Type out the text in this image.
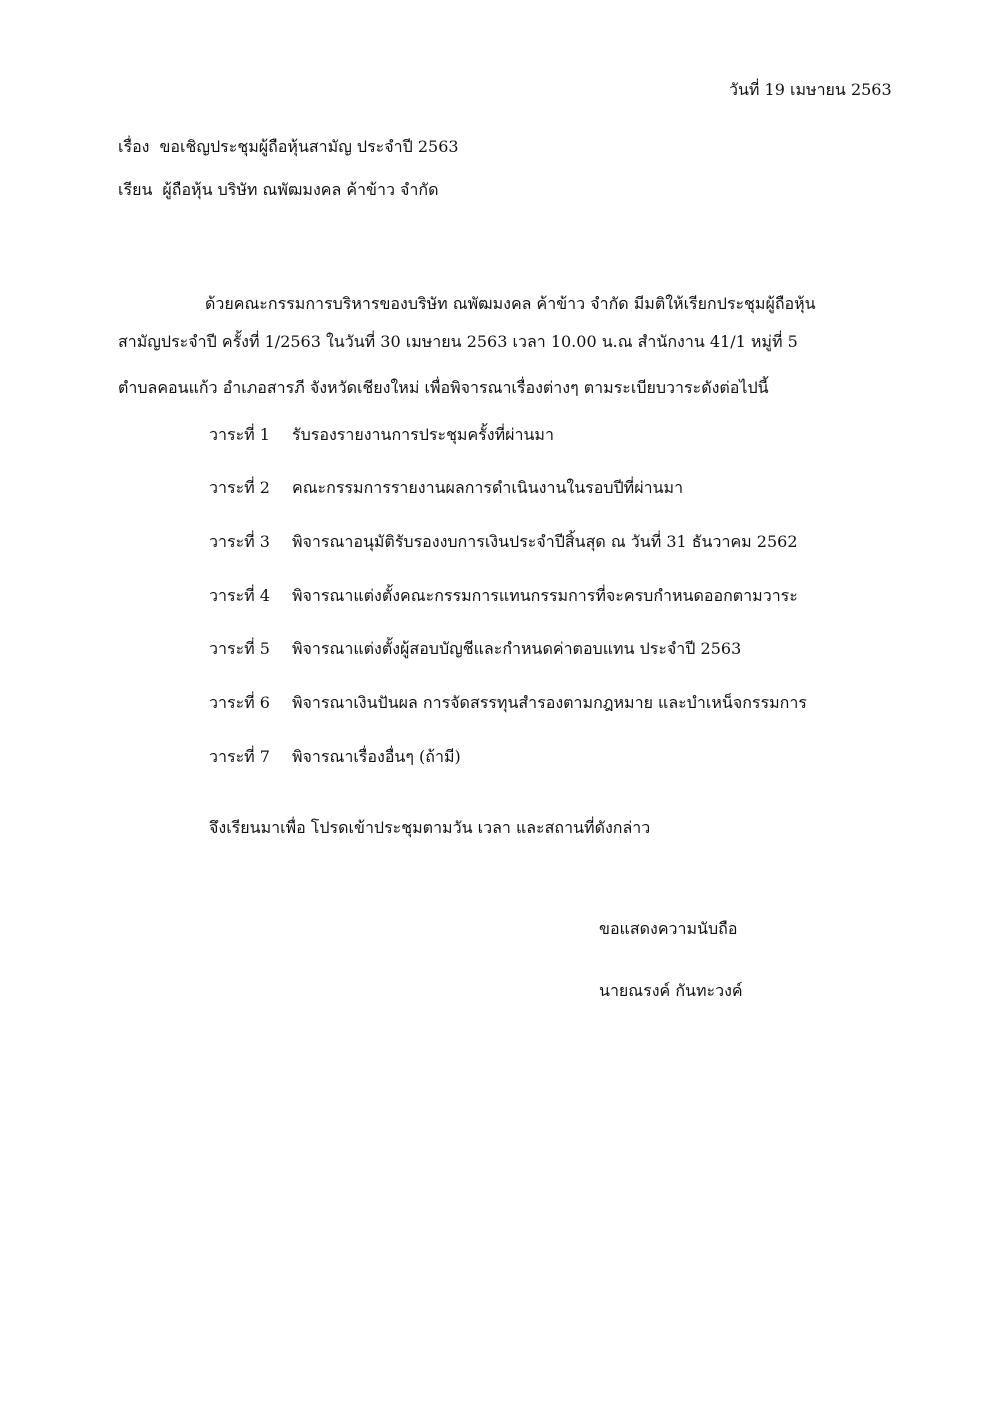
วันที่ 19 เมษายน 2563
เรื่อง ขอเชิญประชุมผู้ถือหุ้นสามัญ ประจำปี 2563
เรียน ผู้ถือหุ้น บริษัท ณพัฒมงคล ค้าข้าว จำกัด
ด้วยคณะกรรมการบริหารของบริษัท ณพัฒมงคล ค้าข้าว จำกัด มีมติให้เรียกประชุมผู้ถือหุ้น
สามัญประจำปี ครั้งที่ 1/2563 ในวันที่ 30 เมษายน 2563 เวลา 10.00 น.ณ สำนักงาน 41/1 หมู่ที่ 5
ตำบลคอนแก้ว อำเภอสารภี จังหวัดเชียงใหม่ เพื่อพิจารณาเรื่องต่างๆ ตามระเบียบวาระดังต่อไปนี้
วาระที่ 1 รับรองรายงานการประชุมครั้งที่ผ่านมา
วาระที่ 2 คณะกรรมการรายงานผลการดำเนินงานในรอบปีที่ผ่านมา
วาระที่ 3 พิจารณาอนุมัติรับรองงบการเงินประจำปีสิ้นสุด ณ วันที่ 31 ธันวาคม 2562
วาระที่ 4 พิจารณาแต่งตั้งคณะกรรมการแทนกรรมการที่จะครบกำหนดออกตามวาระ
วาระที่ 5 พิจารณาแต่งตั้งผู้สอบบัญชีและกำหนดค่าตอบแทน ประจำปี 2563
วาระที่ 6 พิจารณาเงินปันผล การจัดสรรทุนสำรองตามกฎหมาย และบำเหน็จกรรมการ
วาระที่ 7 พิจารณาเรื่องอื่นๆ (ถ้ามี)
จึงเรียนมาเพื่อ โปรดเข้าประชุมตามวัน เวลา และสถานที่ดังกล่าว
ขอแสดงความนับถือ
นายณรงค์ กันทะวงค์
